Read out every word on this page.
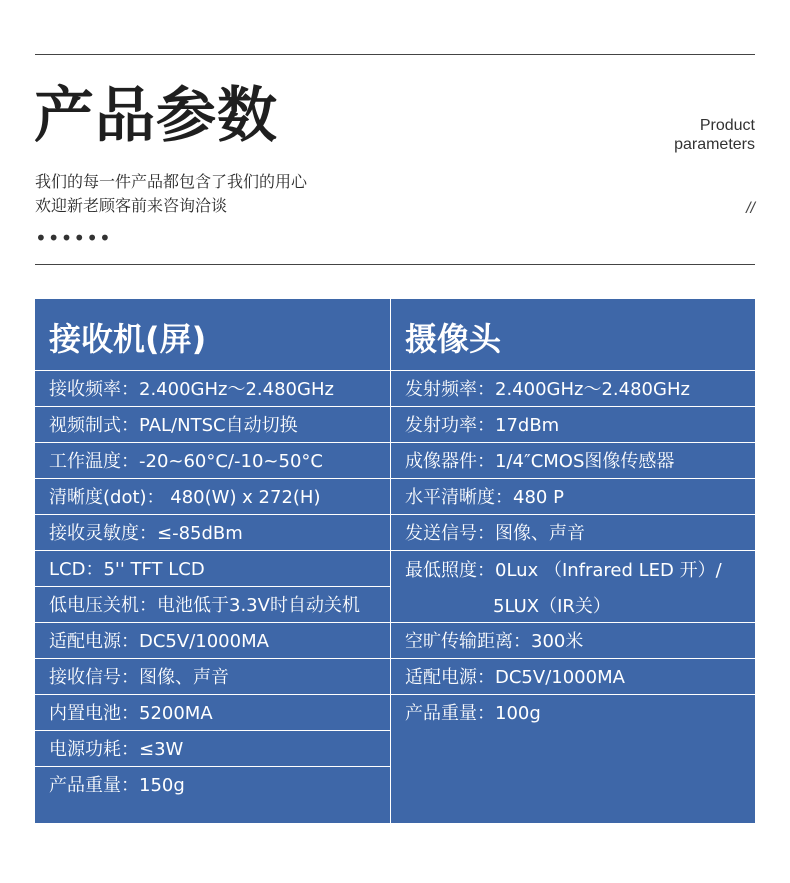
产品参数	Product
parameters
我们的每一件产品都包含了我们的用心
欢迎新老顾客前来咨询洽谈	//
••••••
接收机(屏)
接收频率：2.400GHz～2.480GHz
视频制式：PAL/NTSC自动切换
工作温度：-20~60°C/-10~50°C
清晰度(dot)： 480(W) x 272(H)
接收灵敏度：≤-85dBm
LCD：5'' TFT LCD
低电压关机：电池低于3.3V时自动关机
适配电源：DC5V/1000MA
接收信号：图像、声音
内置电池：5200MA
电源功耗：≤3W
产品重量：150g
摄像头
发射频率：2.400GHz～2.480GHz
发射功率：17dBm
成像器件：1/4″CMOS图像传感器
水平清晰度：480 P
发送信号：图像、声音
最低照度：0Lux （Infrared LED 开）/
5LUX（IR关）
空旷传输距离：300米
适配电源：DC5V/1000MA
产品重量：100g
